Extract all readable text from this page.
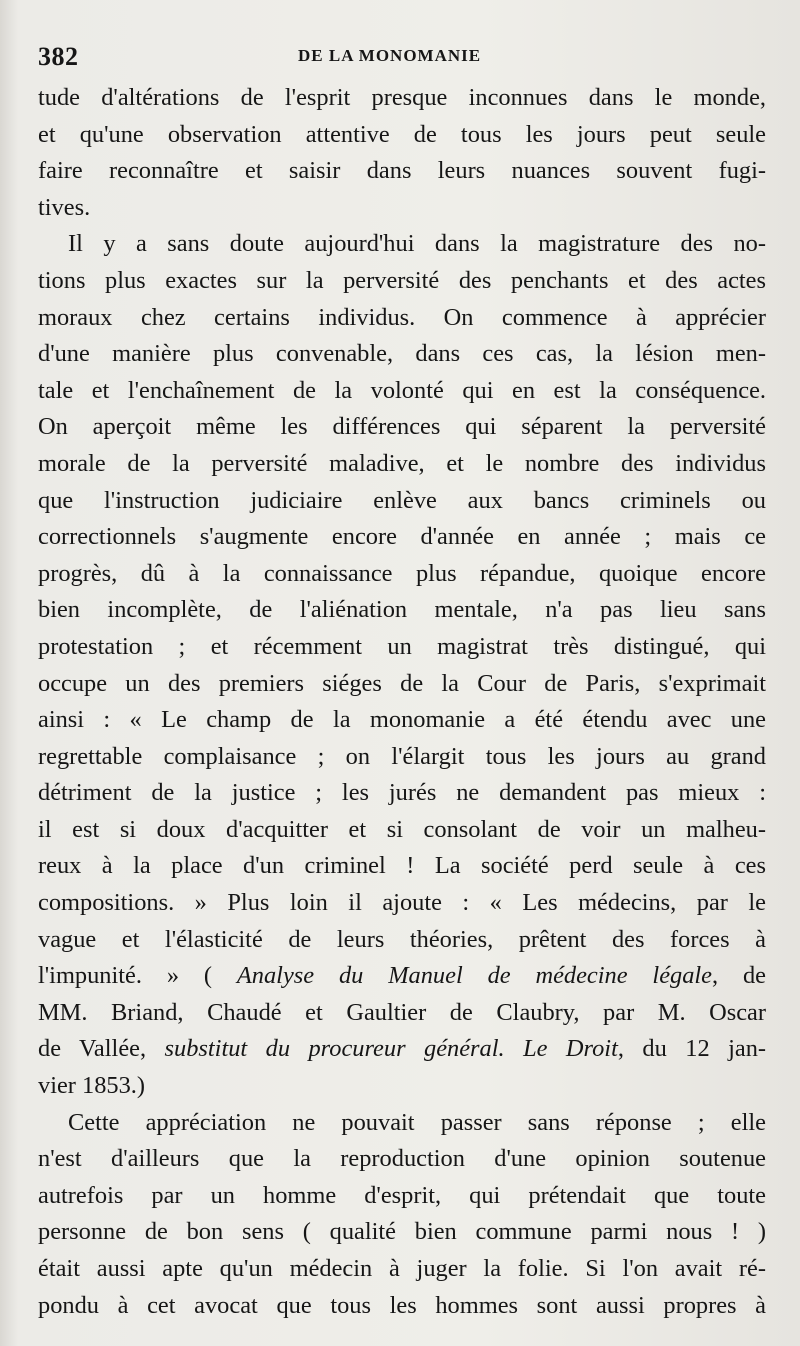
382	DE LA MONOMANIE
tude d'altérations de l'esprit presque inconnues dans le monde,
et qu'une observation attentive de tous les jours peut seule
faire reconnaître et saisir dans leurs nuances souvent fugi-
tives.
Il y a sans doute aujourd'hui dans la magistrature des no-
tions plus exactes sur la perversité des penchants et des actes
moraux chez certains individus. On commence à apprécier
d'une manière plus convenable, dans ces cas, la lésion men-
tale et l'enchaînement de la volonté qui en est la conséquence.
On aperçoit même les différences qui séparent la perversité
morale de la perversité maladive, et le nombre des individus
que l'instruction judiciaire enlève aux bancs criminels ou
correctionnels s'augmente encore d'année en année ; mais ce
progrès, dû à la connaissance plus répandue, quoique encore
bien incomplète, de l'aliénation mentale, n'a pas lieu sans
protestation ; et récemment un magistrat très distingué, qui
occupe un des premiers siéges de la Cour de Paris, s'exprimait
ainsi : « Le champ de la monomanie a été étendu avec une
regrettable complaisance ; on l'élargit tous les jours au grand
détriment de la justice ; les jurés ne demandent pas mieux :
il est si doux d'acquitter et si consolant de voir un malheu-
reux à la place d'un criminel ! La société perd seule à ces
compositions. » Plus loin il ajoute : « Les médecins, par le
vague et l'élasticité de leurs théories, prêtent des forces à
l'impunité. » ( Analyse du Manuel de médecine légale, de
MM. Briand, Chaudé et Gaultier de Claubry, par M. Oscar
de Vallée, substitut du procureur général. Le Droit, du 12 jan-
vier 1853.)
Cette appréciation ne pouvait passer sans réponse ; elle
n'est d'ailleurs que la reproduction d'une opinion soutenue
autrefois par un homme d'esprit, qui prétendait que toute
personne de bon sens ( qualité bien commune parmi nous ! )
était aussi apte qu'un médecin à juger la folie. Si l'on avait ré-
pondu à cet avocat que tous les hommes sont aussi propres à
